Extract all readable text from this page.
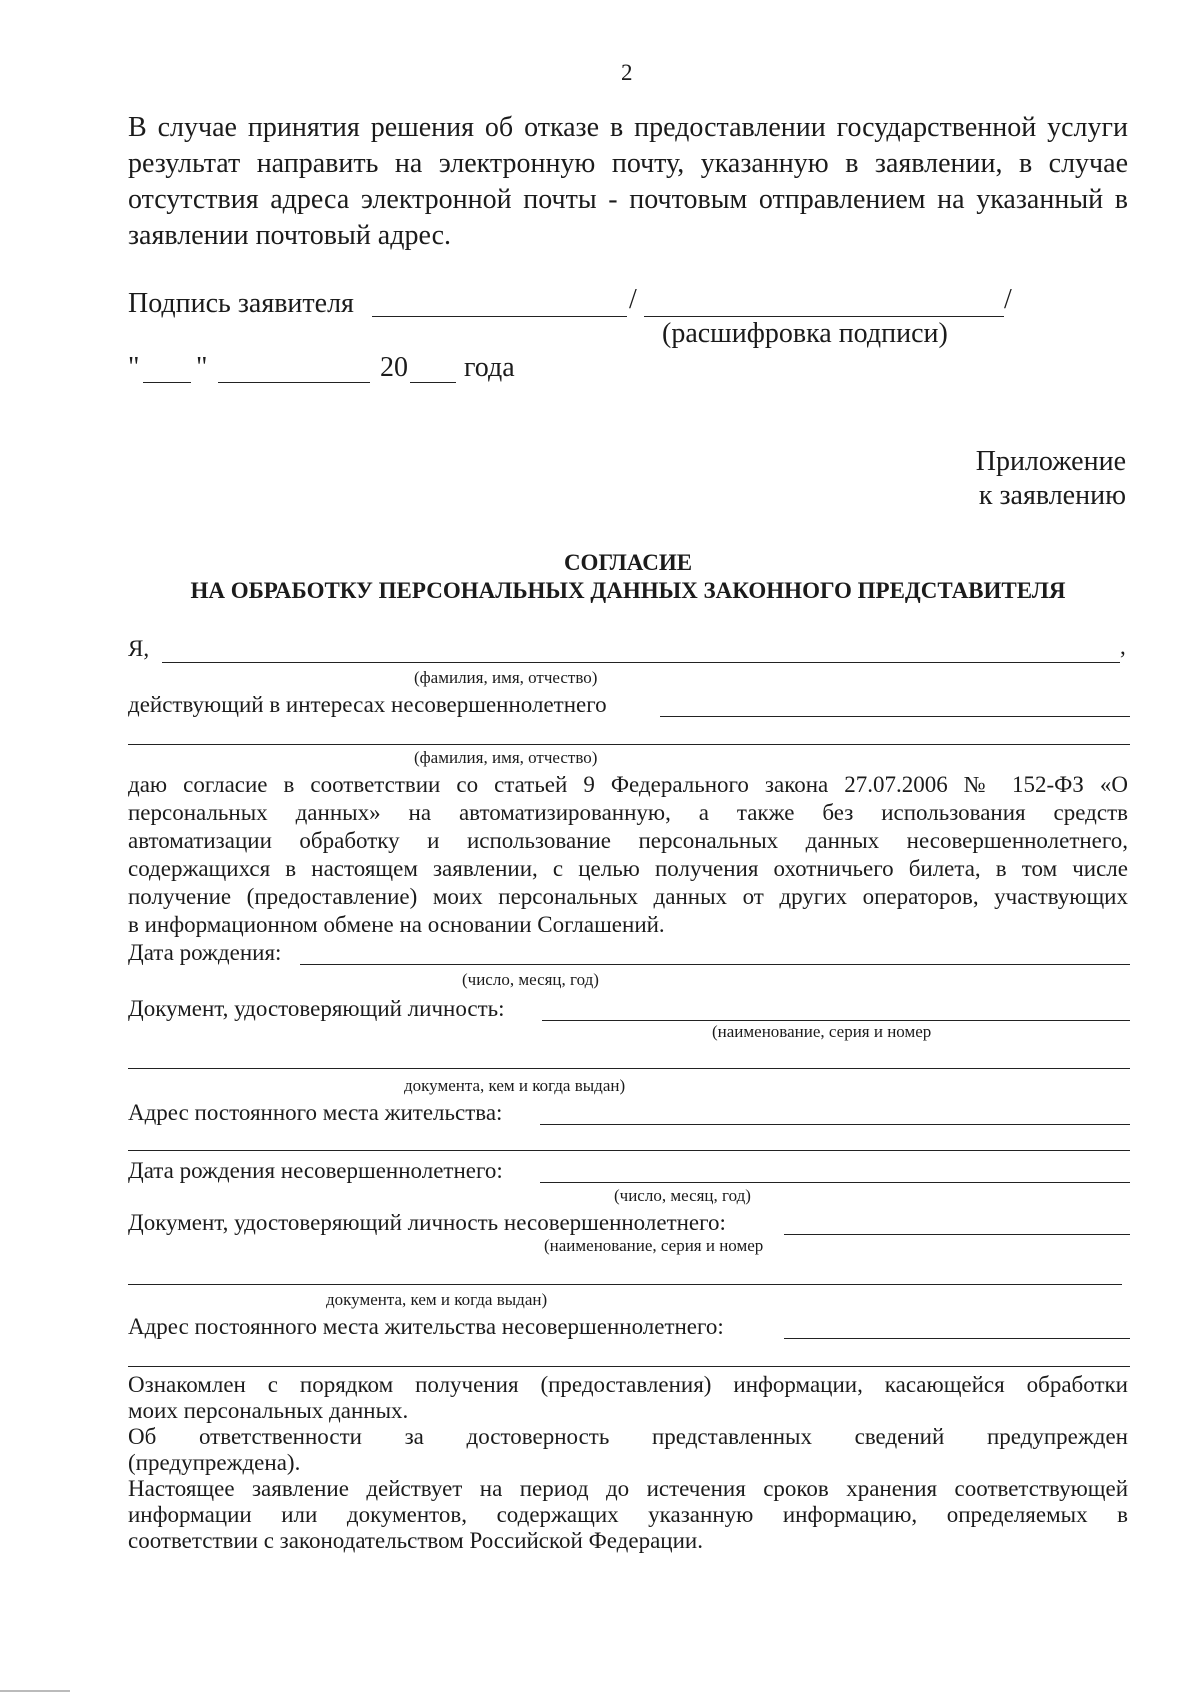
2
В случае принятия решения об отказе в предоставлении государственной услуги
результат направить на электронную почту, указанную в заявлении, в случае
отсутствия адреса электронной почты - почтовым отправлением на указанный в
заявлении почтовый адрес.
Подпись заявителя	/	/
(расшифровка подписи)
" "	20 года
Приложение
к заявлению
СОГЛАСИЕ
НА ОБРАБОТКУ ПЕРСОНАЛЬНЫХ ДАННЫХ ЗАКОННОГО ПРЕДСТАВИТЕЛЯ
Я,	,
(фамилия, имя, отчество)
действующий в интересах несовершеннолетнего
(фамилия, имя, отчество)
даю согласие в соответствии со статьей 9 Федерального закона 27.07.2006 № 152-ФЗ «О
персональных данных» на автоматизированную, а также без использования средств
автоматизации обработку и использование персональных данных несовершеннолетнего,
содержащихся в настоящем заявлении, с целью получения охотничьего билета, в том числе
получение (предоставление) моих персональных данных от других операторов, участвующих
в информационном обмене на основании Соглашений.
Дата рождения:
(число, месяц, год)
Документ, удостоверяющий личность:
(наименование, серия и номер
документа, кем и когда выдан)
Адрес постоянного места жительства:
Дата рождения несовершеннолетнего:
(число, месяц, год)
Документ, удостоверяющий личность несовершеннолетнего:
(наименование, серия и номер
документа, кем и когда выдан)
Адрес постоянного места жительства несовершеннолетнего:
Ознакомлен с порядком получения (предоставления) информации, касающейся обработки
моих персональных данных.
Об ответственности за достоверность представленных сведений предупрежден
(предупреждена).
Настоящее заявление действует на период до истечения сроков хранения соответствующей
информации или документов, содержащих указанную информацию, определяемых в
соответствии с законодательством Российской Федерации.
